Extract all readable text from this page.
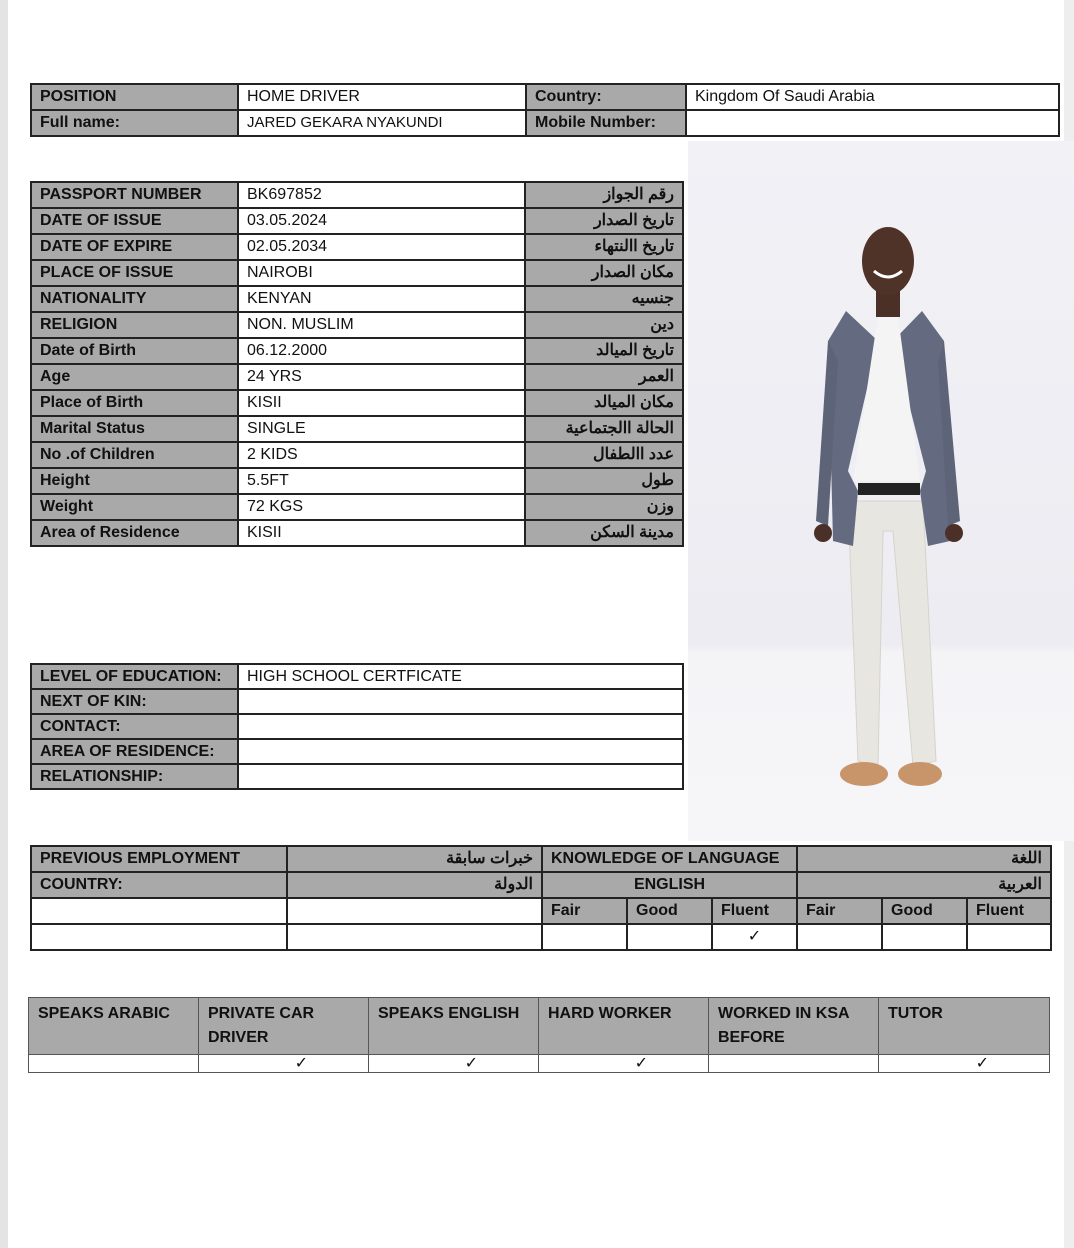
POSITION	HOME DRIVER	Country:	Kingdom Of Saudi Arabia
Full name:	JARED GEKARA NYAKUNDI	Mobile Number:	
PASSPORT NUMBER	BK697852	رقم الجواز
DATE OF ISSUE	03.05.2024	تاريخ الصدار
DATE OF EXPIRE	02.05.2034	تاريخ االنتهاء
PLACE OF ISSUE	NAIROBI	مكان الصدار
NATIONALITY	KENYAN	جنسيه
RELIGION	NON. MUSLIM	دين
Date of Birth	06.12.2000	تاريخ الميالد
Age	24 YRS	العمر
Place of Birth	KISII	مكان الميالد
Marital Status	SINGLE	الحالة االجتماعية
No .of Children	2 KIDS	عدد االطفال
Height	5.5FT	طول
Weight	72 KGS	وزن
Area of Residence	KISII	مدينة السكن
LEVEL OF EDUCATION:	HIGH SCHOOL CERTFICATE
NEXT OF KIN:	
CONTACT:	
AREA OF RESIDENCE:	
RELATIONSHIP:	
PREVIOUS EMPLOYMENT	خبرات سابقة	KNOWLEDGE OF LANGUAGE			اللغة		
COUNTRY:	الدولة	ENGLISH			العربية		
		Fair	Good	Fluent	Fair	Good	Fluent
				✓			
SPEAKS ARABIC	PRIVATE CAR DRIVER	SPEAKS ENGLISH	HARD WORKER	WORKED IN KSA BEFORE	TUTOR
	✓	✓	✓		✓
